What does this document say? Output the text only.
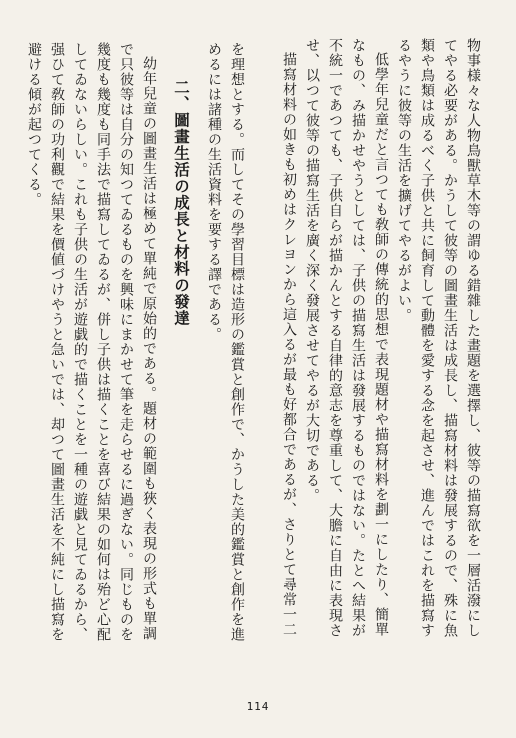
物事様々な人物鳥獸草木等の謂ゆる錯雜した畫題を選擇し、彼等の描寫欲を一層活潑にしてやる必要がある。かうして彼等の圖畫生活は成長し、描寫材料は發展するので、殊に魚類や鳥類は成るべく子供と共に飼育して動體を愛する念を起させ、進んではこれを描寫するやうに彼等の生活を擴げてやるがよい。

低學年兒童だと言つても敎師の傳統的思想で表現題材や描寫材料を劃一にしたり、簡單なもの、み描かせやうとしては、子供の描寫生活は發展するものではない。たとへ結果が不統一であつても、子供自らが描かんとする自律的意志を尊重して、大膽に自由に表現させ、以つて彼等の描寫生活を廣く深く發展させてやるが大切である。

描寫材料の如きも初めはクレヨンから這入るが最も好都合であるが、さりとて尋常一二

を理想とする。而してその學習目標は造形の鑑賞と創作で、かうした美的鑑賞と創作を進めるには諸種の生活資料を要する譯である。

二、圖畫生活の成長と材料の發達

幼年兒童の圖畫生活は極めて單純で原始的である。題材の範圍も狹く表現の形式も單調で只彼等は自分の知つてゐるものを興味にまかせて筆を走らせるに過ぎない。同じものを幾度も幾度も同手法で描寫してゐるが、併し子供は描くことを喜び結果の如何は殆ど心配してゐないらしい。これも子供の生活が遊戯的で描くことを一種の遊戯と見てゐるから、强ひて敎師の功利觀で結果を價値づけやうと急いでは、却つて圖畫生活を不純にし描寫を避ける傾が起つてくる。

114
